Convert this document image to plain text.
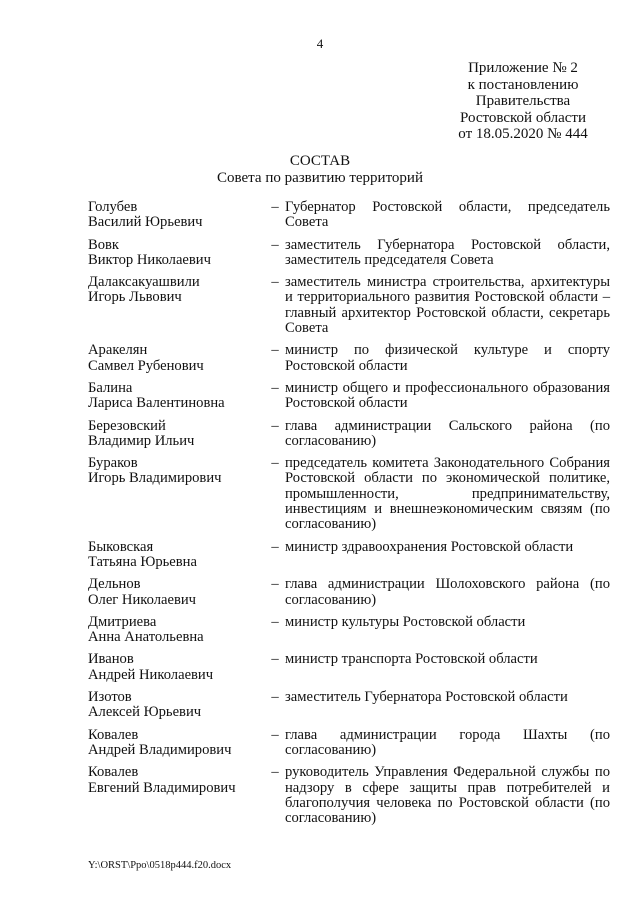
4
Приложение № 2
к постановлению
Правительства
Ростовской области
от 18.05.2020 № 444
СОСТАВ
Совета по развитию территорий
Голубев
Василий Юрьевич
– Губернатор Ростовской области, председатель Совета
Вовк
Виктор Николаевич
– заместитель Губернатора Ростовской области, заместитель председателя Совета
Далаксакуашвили
Игорь Львович
– заместитель министра строительства, архитектуры и территориального развития Ростовской области – главный архитектор Ростовской области, секретарь Совета
Аракелян
Самвел Рубенович
– министр по физической культуре и спорту Ростовской области
Балина
Лариса Валентиновна
– министр общего и профессионального образования Ростовской области
Березовский
Владимир Ильич
– глава администрации Сальского района (по согласованию)
Бураков
Игорь Владимирович
– председатель комитета Законодательного Собрания Ростовской области по экономической политике, промышленности, предпринимательству, инвестициям и внешнеэкономическим связям (по согласованию)
Быковская
Татьяна Юрьевна
– министр здравоохранения Ростовской области
Дельнов
Олег Николаевич
– глава администрации Шолоховского района (по согласованию)
Дмитриева
Анна Анатольевна
– министр культуры Ростовской области
Иванов
Андрей Николаевич
– министр транспорта Ростовской области
Изотов
Алексей Юрьевич
– заместитель Губернатора Ростовской области
Ковалев
Андрей Владимирович
– глава администрации города Шахты (по согласованию)
Ковалев
Евгений Владимирович
– руководитель Управления Федеральной службы по надзору в сфере защиты прав потребителей и благополучия человека по Ростовской области (по согласованию)
Y:\ORST\Ppo\0518p444.f20.docx
